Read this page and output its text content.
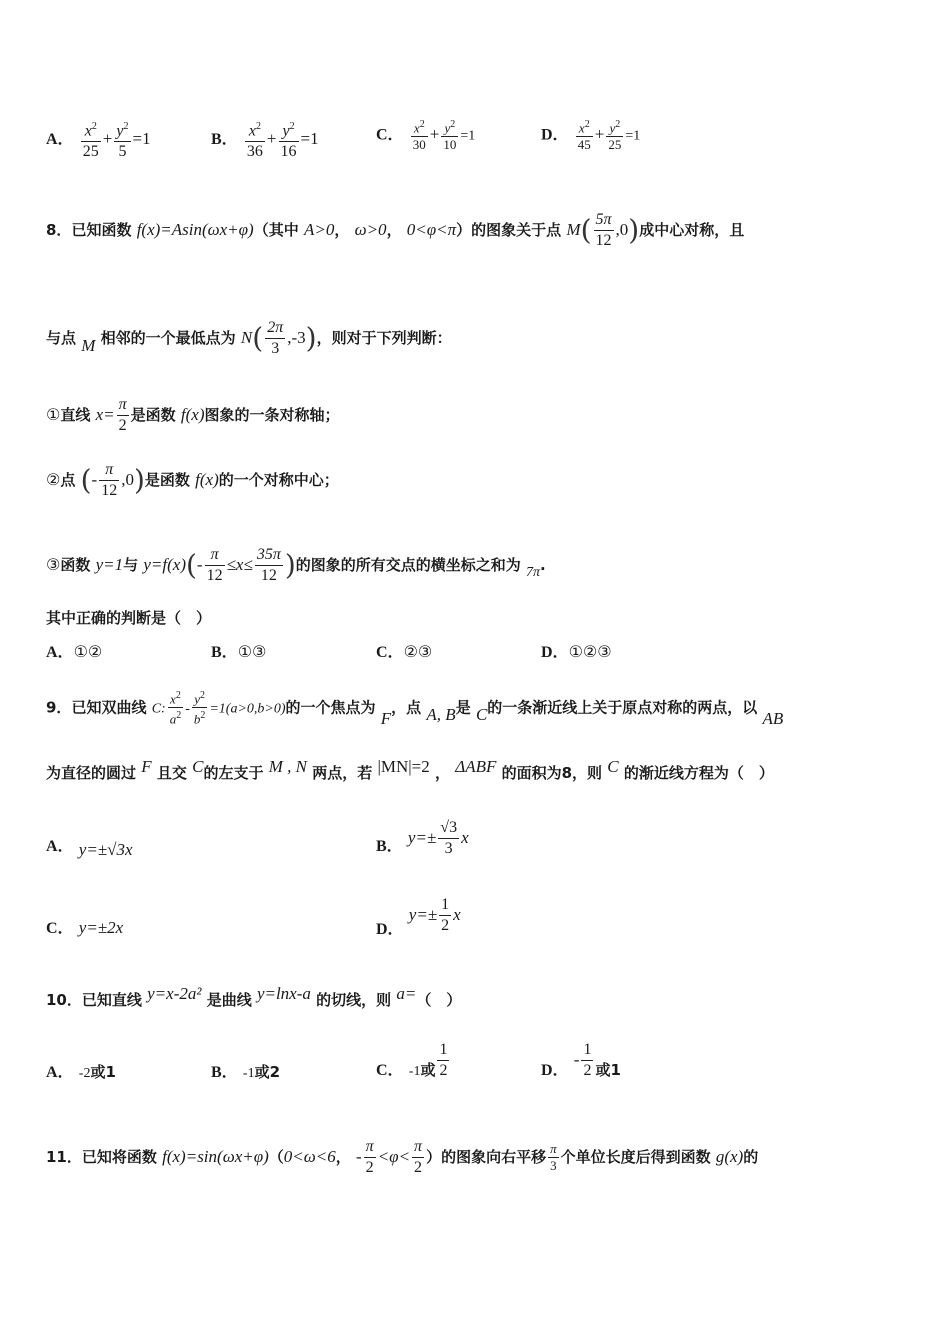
A． $\frac{x^2}{25} + \frac{y^2}{5} =1$	B． $\frac{x^2}{36} + \frac{y^2}{16} =1$	C． $\frac{x^2}{30} + \frac{y^2}{10} =1$	D． $\frac{x^2}{45} + \frac{y^2}{25} =1$
8．已知函数 f(x)=Asin(ωx+φ)（其中 A>0， ω>0， 0<φ<π）的图象关于点 $M( \frac{5\pi}{12} ,0)$成中心对称，且
与点 M 相邻的一个最低点为 $N( \frac{2\pi}{3} ,-3)$，则对于下列判断：
①直线 $x= \frac{\pi}{2}$ 是函数 f(x)图象的一条对称轴；
②点 (- $\frac{\pi}{12} ,0$)是函数 f(x)的一个对称中心；
③函数 y=1与 $y=f(x)(- \frac{\pi}{12} \le x\le \frac{35\pi}{12}$ )的图象的所有交点的横坐标之和为 7π.
其中正确的判断是（　）
A．①②	B．①③	C．②③	D．①②③
9．已知双曲线 C: $\frac{x^2}{a^2} - \frac{y^2}{b^2} =1(a>0,b>0)$的一个焦点为 F，点 A, B是 C的一条渐近线上关于原点对称的两点，以 AB
为直径的圆过 F 且交 C的左支于 M , N 两点，若 |MN|=2 ， ΔABF 的面积为8，则 C 的渐近线方程为（　）
A． y=±√3x	B． $y=\pm \frac{√3}{3}$ x
C． y=±2x	D． $y=\pm \frac{1}{2}$ x
10．已知直线 y=x-2a² 是曲线 y=lnx-a 的切线，则 a=（　）
A． -2或1	B． -1或2	C． -1或 $\frac{1}{2}$	D． - $\frac{1}{2}$ 或1
11．已知将函数 f(x)=sin(ωx+φ)（0<ω<6， - $\frac{\pi}{2} <\varphi< \frac{\pi}{2}$ ）的图象向右平移 $\frac{\pi}{3}$ 个单位长度后得到函数 g(x)的
